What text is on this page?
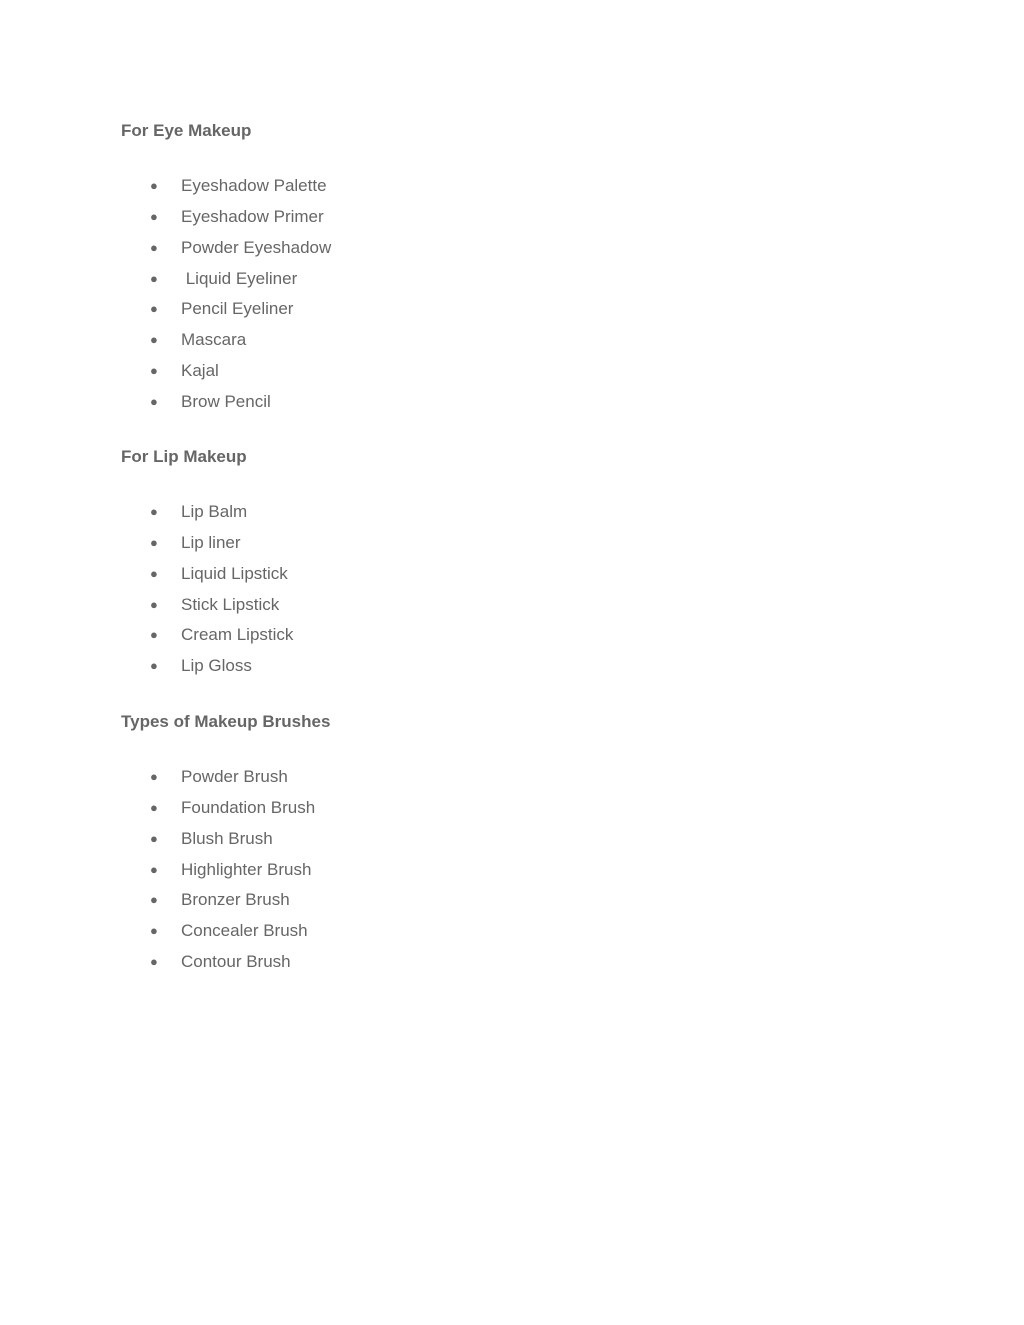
For Eye Makeup
● Eyeshadow Palette
● Eyeshadow Primer
● Powder Eyeshadow
● Liquid Eyeliner
● Pencil Eyeliner
● Mascara
● Kajal
● Brow Pencil
For Lip Makeup
● Lip Balm
● Lip liner
● Liquid Lipstick
● Stick Lipstick
● Cream Lipstick
● Lip Gloss
Types of Makeup Brushes
● Powder Brush
● Foundation Brush
● Blush Brush
● Highlighter Brush
● Bronzer Brush
● Concealer Brush
● Contour Brush
